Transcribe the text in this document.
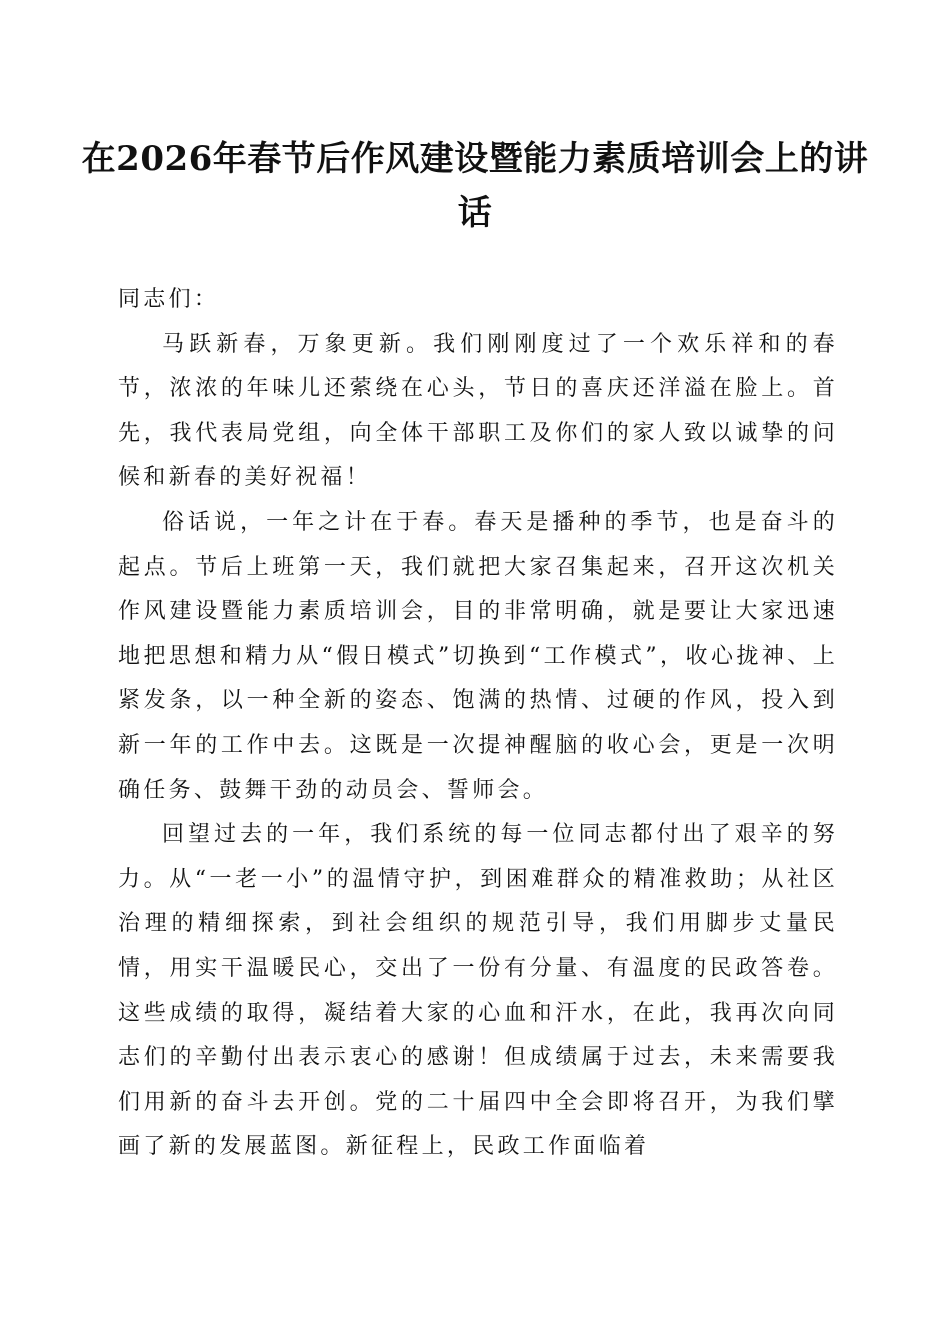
在2026年春节后作风建设暨能力素质培训会上的讲话

同志们：

马跃新春，万象更新。我们刚刚度过了一个欢乐祥和的春节，浓浓的年味儿还萦绕在心头，节日的喜庆还洋溢在脸上。首先，我代表局党组，向全体干部职工及你们的家人致以诚挚的问候和新春的美好祝福！

俗话说，一年之计在于春。春天是播种的季节，也是奋斗的起点。节后上班第一天，我们就把大家召集起来，召开这次机关作风建设暨能力素质培训会，目的非常明确，就是要让大家迅速地把思想和精力从“假日模式”切换到“工作模式”，收心拢神、上紧发条，以一种全新的姿态、饱满的热情、过硬的作风，投入到新一年的工作中去。这既是一次提神醒脑的收心会，更是一次明确任务、鼓舞干劲的动员会、誓师会。

回望过去的一年，我们系统的每一位同志都付出了艰辛的努力。从“一老一小”的温情守护，到困难群众的精准救助；从社区治理的精细探索，到社会组织的规范引导，我们用脚步丈量民情，用实干温暖民心，交出了一份有分量、有温度的民政答卷。这些成绩的取得，凝结着大家的心血和汗水，在此，我再次向同志们的辛勤付出表示衷心的感谢！但成绩属于过去，未来需要我们用新的奋斗去开创。党的二十届四中全会即将召开，为我们擘画了新的发展蓝图。新征程上，民政工作面临着
